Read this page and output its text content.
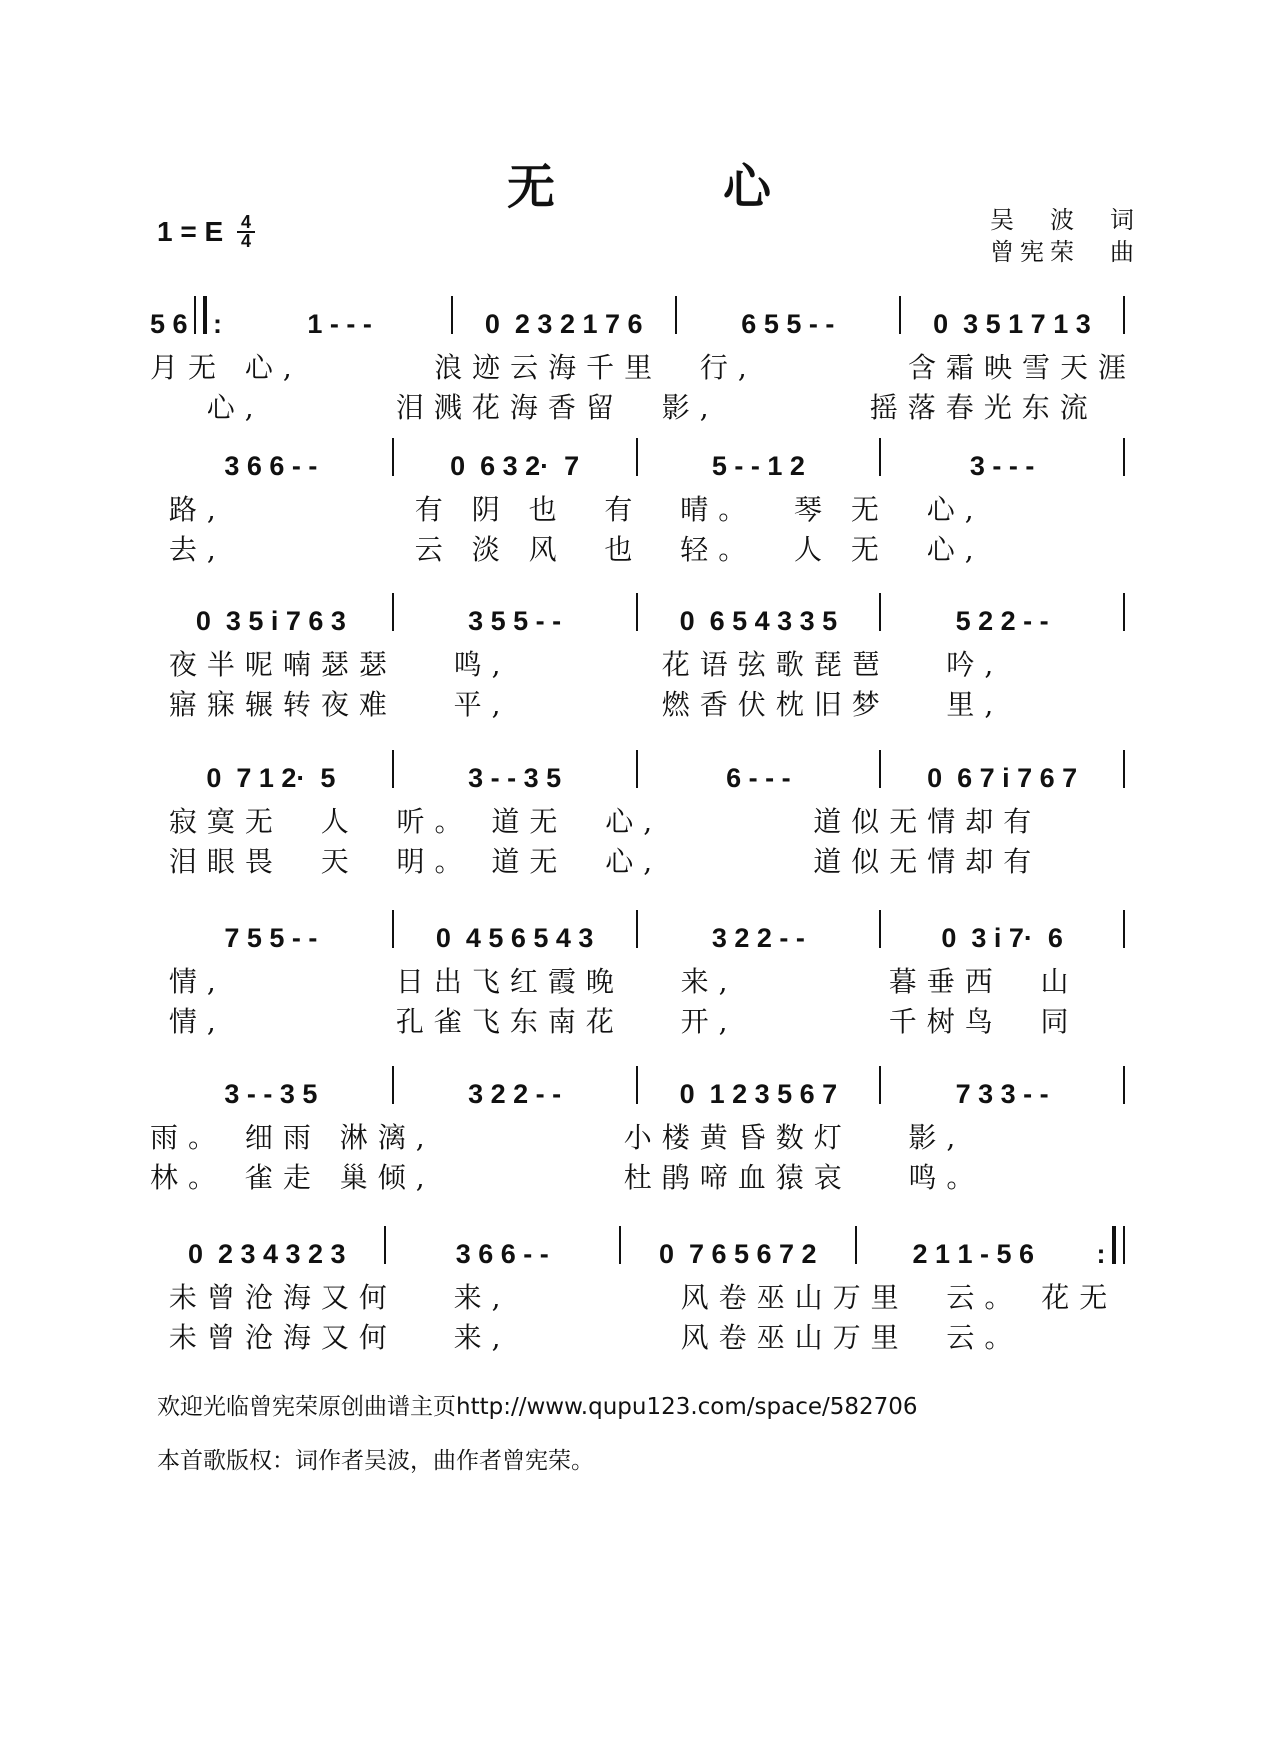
无　心
吴　波　词
曾宪荣　曲
1 = E 4
4
5 6 :	1 - - -	0  2 3 2 1 7 6	6 5 5 - -	0  3 5 1 7 1 3
月无 心,       浪迹云海千里  行,        含霜映雪天涯
心,       泪溅花海香留  影,        摇落春光东流
3 6 6 - -	0  6 3 2·  7	5 - - 1 2	3 - - -
路,          有 阴 也  有  晴。  琴 无  心,
去,          云 淡 风  也  轻。  人 无  心,
0  3 5 i 7 6 3	3 5 5 - -	0  6 5 4 3 3 5	5 2 2 - -
夜半呢喃瑟瑟   鸣,        花语弦歌琵琶   吟,
寤寐辗转夜难   平,        燃香伏枕旧梦   里,
0  7 1 2·  5	3 - - 3 5	6 - - -	0  6 7 i 7 6 7
寂寞无  人  听。 道无  心,        道似无情却有
泪眼畏  天  明。 道无  心,        道似无情却有
7 5 5 - -	0  4 5 6 5 4 3	3 2 2 - -	0  3 i 7·  6
情,         日出飞红霞晚   来,        暮垂西  山
情,         孔雀飞东南花   开,        千树鸟  同
3 - - 3 5	3 2 2 - -	0  1 2 3 5 6 7	7 3 3 - -
雨。 细雨 淋漓,          小楼黄昏数灯   影,
林。 雀走 巢倾,          杜鹃啼血猿哀   鸣。
0  2 3 4 3 2 3	3 6 6 - -	0  7 6 5 6 7 2	2 1 1 - 5 6 :
未曾沧海又何   来,         风卷巫山万里  云。 花无
未曾沧海又何   来,         风卷巫山万里  云。
欢迎光临曾宪荣原创曲谱主页http://www.qupu123.com/space/582706
本首歌版权：词作者吴波，曲作者曾宪荣。
